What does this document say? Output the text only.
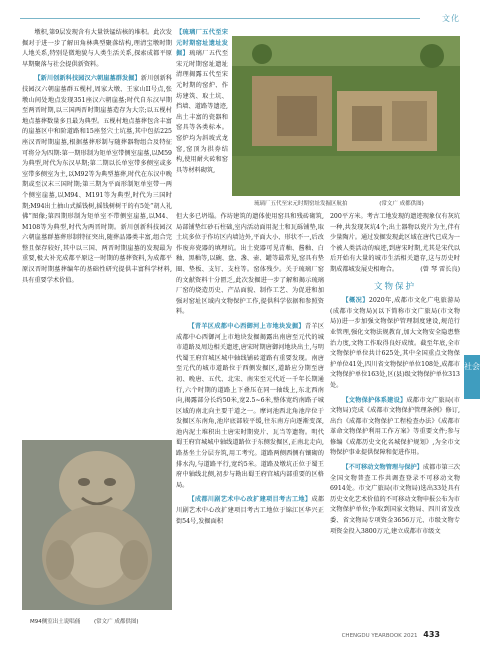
文化

墩积,第9层发现含有大量铁锰结核的堆积。此次发掘对于进一步了解田角林典型聚落结构,理清宝墩时期人地关系,特别是微地貌与人类生活关系,探索成都平原早期聚落与社会提供新资料。

【新川创新科技园汉六朝崖墓群发掘】新川创新科技园汉六朝崖墓群五枧村,周家大墩、王家山II号点,张墩山间处地点发现351座汉六朝崖墓;时代自东汉早期至两晋时期,以三国两晋时期崖墓造存为大宗;以五枧村地点墓葬数量多且最为典型。五枧村地点墓葬包含丰富的崖墓区中和阶道路和15座竖穴土坑墓,其中包括225座汉晋时期崖墓,根据墓葬形制与随葬器物组合及特征可将分为四期:第一期形制为矩单室带侧室崖墓,以M59为典型,时代为东汉早期;第二期以长单室带多侧室或多室带多侧室为主,以M92等为典型墓葬,时代在东汉中晚期或至汉末三国时期;第三期为平面形制矩单室带一两个侧室崖墓,以M94、M191等为典型,时代为三国时期;M94出土抽山式摇钱树,摇钱树树干的有5处“胡人礼佛”图像;第四期形制为矩单室不带侧室崖墓,以M4、M108等为典型,时代为两晋时期。新川创新科技园汉六朝崖墓群墓葬形制特征突出,随葬品器类丰富,组合完整且保存较好,其中以三国、两晋时期崖墓的发现最为重要,极大补充成都平原这一时期的墓葬资料,为成都平原汉晋时期墓葬编年的基础性研究提供丰富科学材料,具有重要学术价值。

M94侧室出土说唱俑	(常文广 成都供图)
琉璃厂五代至宋元时期窑址发掘区航拍	(常文广 成都供图)

【琉璃厂五代至宋元时期窑址遗址发掘】琉璃厂五代至宋元时期窑址遗址清理揭露五代至宋元时期的窑炉、作坊建筑、取土坑、挡墙、道路等遗迹,出土丰富的瓷器和窑具等各类标本。窑炉均为斜坡式龙窑,窑顶为拱券结构,使用耐火砖和窑具等材料砌筑,

但大多已坍塌。作坊建筑的遗体使用窑具和残砖砌筑,局部铺垫红砂石柱础,室内活动面用泥土和瓦砾铺垫,取土坑多位于作坊区内墙边外,平面大小、形状不一,后改作废弃瓷器的填埋坑。出土瓷器可见青釉、酱釉、白釉、黑釉等,以碗、盘、盏、壶、罐等最常见,窑具有垫圈、垫板、支钉、支柱等。窑体残少。关于琉璃厂窑的文献资料十分匮乏,此次发掘进一步了解和揭示琉璃厂窑的烧造历史、产品面貌、制作工艺、为促进和加强对窑址区域内文物保护工作,提供科学依据和参照资料。

【青羊区成都中心西御河上市地块发掘】青羊区成都中心西御河上市地块发掘揭露出南唐至元代的城市道路及周边相关遗迹,唐宋时期唐御河地块出土,与明代蜀王府宫城区城中轴线铺砖道路有重要发现。南唐至元代的城市道路位于西侧发掘区,道路应分期至唐初、晚唐、五代、北宋、南宋至元代近一千年长期通行,六个时期的道路上下叠压在同一轴线上,东北西南向,揭露部分长约50米,宽2.5~6米,整体宽约南路子城区域的南北向主要干道之一。摩诃池西北角池岸位于发掘区东南角,池岸底部较平缓,往东南方向逐渐变深,池内泥土堆积出土唐宋时期瓷片、瓦当等遗物。明代蜀王府宫城城中轴线道路位于东侧发掘区,正南北走向,路基坐土分层夯筑,用工考究。道路两侧西侧有镶砌的排水沟,与道路平行,宽约5米。道路及墩坑正位于蜀王府中轴线北侧,初步与勘出蜀王府宫城内部重要的区格局。

【成都川剧艺术中心改扩建项目考古工地】成都川剧艺术中心改扩建项目考古工地位于锦江区华兴正街54号,发掘面积

200平方米。考古工地发现的遗迹现象仅有灰坑一种,共发现灰坑4个;出土器物以瓷片为主,伴有少量陶片。通过发掘发现此区域在唐代已成为一个被人类活动的痕迹,到唐宋时期,尤其是宋代以后开始有大量的城市生活相关遗存,这与历史时期成都城发展史相吻合。	(曾 琴 雷长良)

文物保护

【概况】2020年,成都市文化广电旅游局(成都市文物局)(以下简称市文广旅局(市文物局))进一步加强文物保护管理制度建设,规范行业管理,强化文物法规教育,加大文物安全隐患整治力度,文物工作取得良好成绩。截至年底,全市文物保护单位共计625处,其中全国重点文物保护单位41处,四川省文物保护单位108处,成都市文物保护单位163处,区(县)级文物保护单位313处。

【文物保护体系建设】成都市文广旅局(市文物局)完成《成都市文物保护管理条例》修订,出台《成都市文物保护工程检查办法》《成都市革命文物保护利用工作方案》等重要文件;参与修编《成都历史文化名城保护规划》,为全市文物保护事业提供保障和促进作用。

【不可移动文物管理与保护】成都市第三次全国文物普查工作共调查登录不可移动文物6914处。市文广旅局(市文物局)选出33处具有历史文化艺术价值的不可移动文物申报公布为市文物保护单位;争取到国家文物局、四川省发改委、省文物局专项资金3656万元、市级文物专项资金投入3800万元,建立成都市市级文

社会
CHENGDU YEARBOOK 2021 433
